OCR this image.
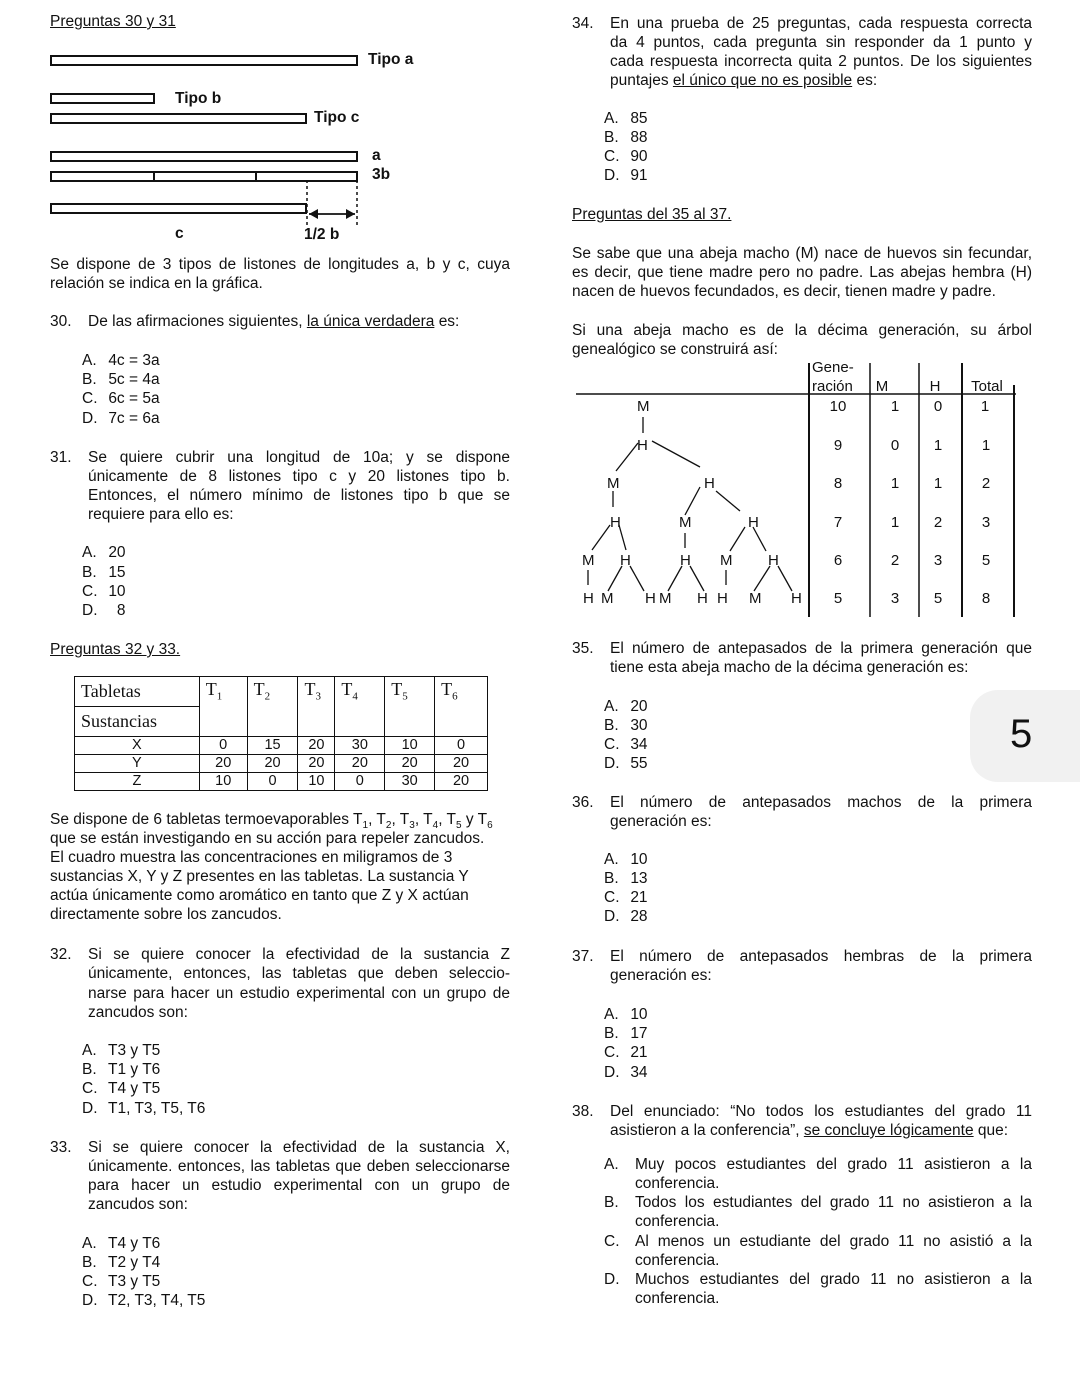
Preguntas 30 y 31
Tipo a
Tipo b
Tipo c
a
3b
c	1/2 b
Se dispone de 3 tipos de listones de longitudes a, b y c, cuya relación se indica en la gráfica.
30. De las afirmaciones siguientes, la única verdadera es:
A. 4c = 3a
B. 5c = 4a
C. 6c = 5a
D. 7c = 6a
31. Se quiere cubrir una longitud de 10a; y se dispone únicamente de 8 listones tipo c y 20 listones tipo b. Entonces, el número mínimo de listones tipo b que se requiere para ello es:
A. 20
B. 15
C. 10
D. 8
Preguntas 32 y 33.
Tabletas	$T_1$	$T_2$	$T_3$	$T_4$	$T_5$	$T_6$
Sustancias						
X	0	15	20	30	10	0
Y	20	20	20	20	20	20
Z	10	0	10	0	30	20
Se dispone de 6 tabletas termoevaporables $T_1$, $T_2$, $T_3$, $T_4$, $T_5$ y $T_6$
que se están investigando en su acción para repeler zancudos.
El cuadro muestra las concentraciones en miligramos de 3
sustancias X, Y y Z presentes en las tabletas. La sustancia Y
actúa únicamente como aromático en tanto que Z y X actúan
directamente sobre los zancudos.
32. Si se quiere conocer la efectividad de la sustancia Z
únicamente, entonces, las tabletas que deben seleccio-
narse para hacer un estudio experimental con un grupo de
zancudos son:
A. T3 y T5
B. T1 y T6
C. T4 y T5
D. T1, T3, T5, T6
33. Si se quiere conocer la efectividad de la sustancia X,
únicamente. entonces, las tabletas que deben seleccionarse
para hacer un estudio experimental con un grupo de
zancudos son:
A. T4 y T6
B. T2 y T4
C. T3 y T5
D. T2, T3, T4, T5
34. En una prueba de 25 preguntas, cada respuesta correcta
da 4 puntos, cada pregunta sin responder da 1 punto y
cada respuesta incorrecta quita 2 puntos. De los siguientes
puntajes el único que no es posible es:
A. 85
B. 88
C. 90
D. 91
Preguntas del 35 al 37.
Se sabe que una abeja macho (M) nace de huevos sin fecundar, es decir, que tiene madre pero no padre. Las abejas hembra (H) nacen de huevos fecundados, es decir, tienen madre y padre.
Si una abeja macho es de la décima generación, su árbol genealógico se construirá así:
Gene-
ración	M	H	Total
10	1	0	1
9	0	1	1
8	1	1	2
7	1	2	3
6	2	3	5
5	3	5	8
M
H
M	H
H	M	H
M H	H M H
H M H M H H M H
35. El número de antepasados de la primera generación que
tiene esta abeja macho de la décima generación es:
A. 20
B. 30
C. 34
D. 55
5
36. El número de antepasados machos de la primera
generación es:
A. 10
B. 13
C. 21
D. 28
37. El número de antepasados hembras de la primera
generación es:
A. 10
B. 17
C. 21
D. 34
38. Del enunciado: “No todos los estudiantes del grado 11
asistieron a la conferencia”, se concluye lógicamente que:
A. Muy pocos estudiantes del grado 11 asistieron a la
conferencia.
B. Todos los estudiantes del grado 11 no asistieron a la
conferencia.
C. Al menos un estudiante del grado 11 no asistió a la
conferencia.
D. Muchos estudiantes del grado 11 no asistieron a la
conferencia.
